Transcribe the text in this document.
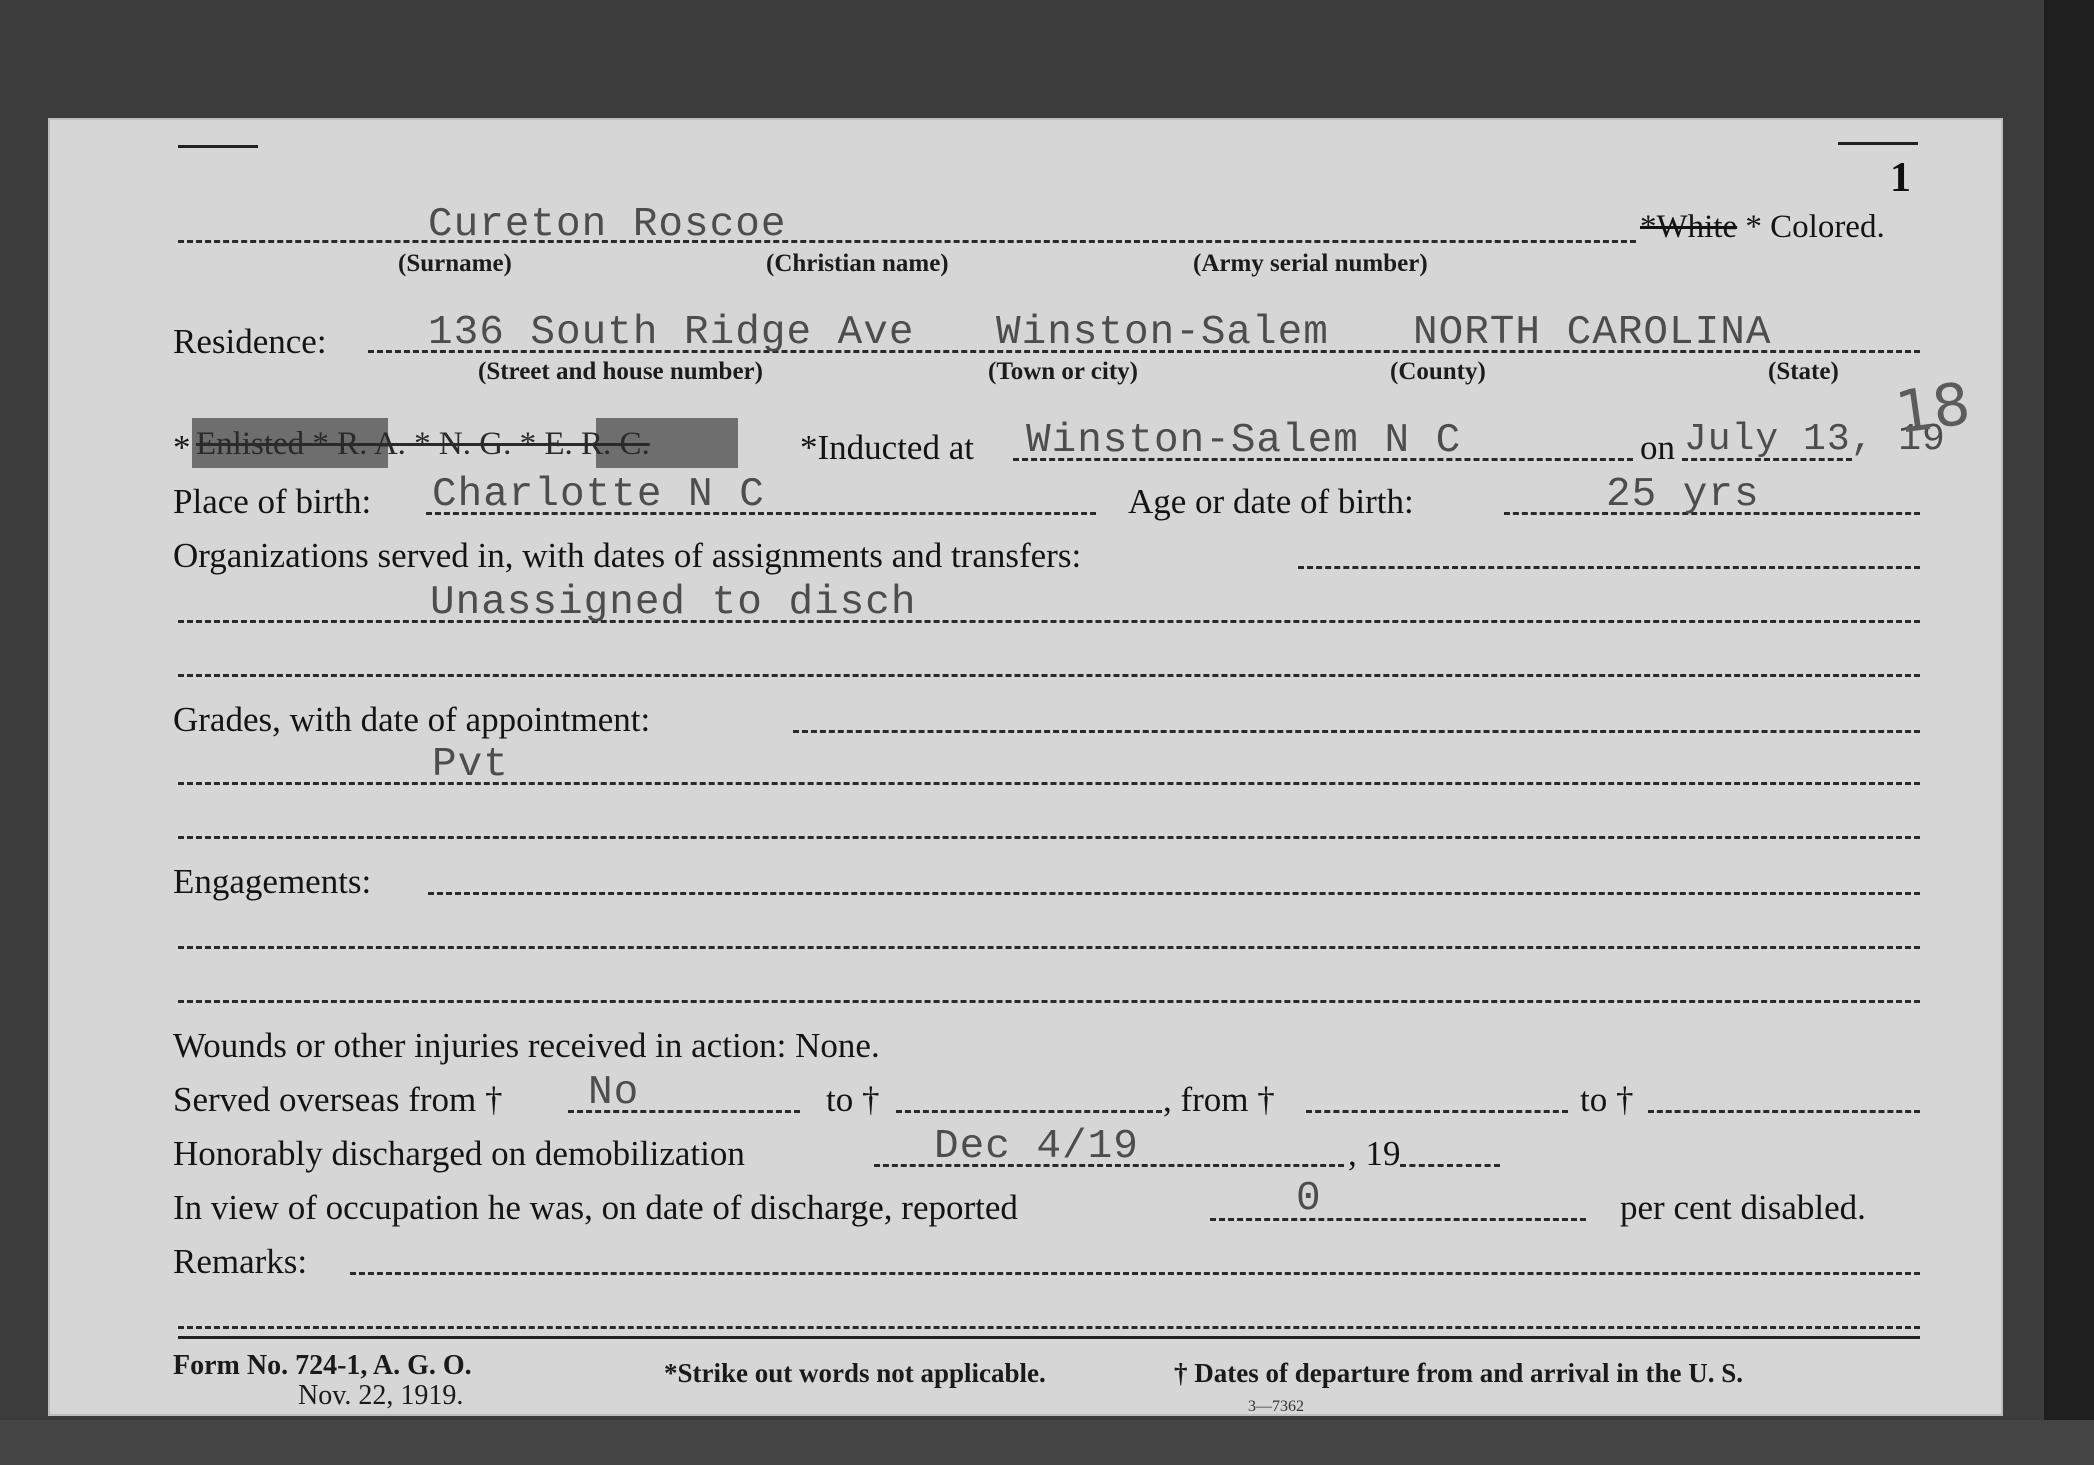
1
Cureton Roscoe	*White * Colored.
(Surname)	(Christian name)	(Army serial number)
Residence: 136 South Ridge Ave Winston-Salem NORTH CAROLINA
(Street and house number)	(Town or city)	(County)	(State)
* Enlisted * R. A. * N. G. * E. R. C.	*Inducted at Winston-Salem N C	on July 13, 19
18
Place of birth: Charlotte N C	Age or date of birth:	25 yrs
Organizations served in, with dates of assignments and transfers:
Unassigned to disch
Grades, with date of appointment:
Pvt
Engagements:
Wounds or other injuries received in action: None.
Served overseas from † No	to †	, from †	to †
Honorably discharged on demobilization	Dec 4/19	, 19
In view of occupation he was, on date of discharge, reported	0	per cent disabled.
Remarks:
Form No. 724-1, A. G. O.
Nov. 22, 1919.
*Strike out words not applicable.	† Dates of departure from and arrival in the U. S.
3—7362
